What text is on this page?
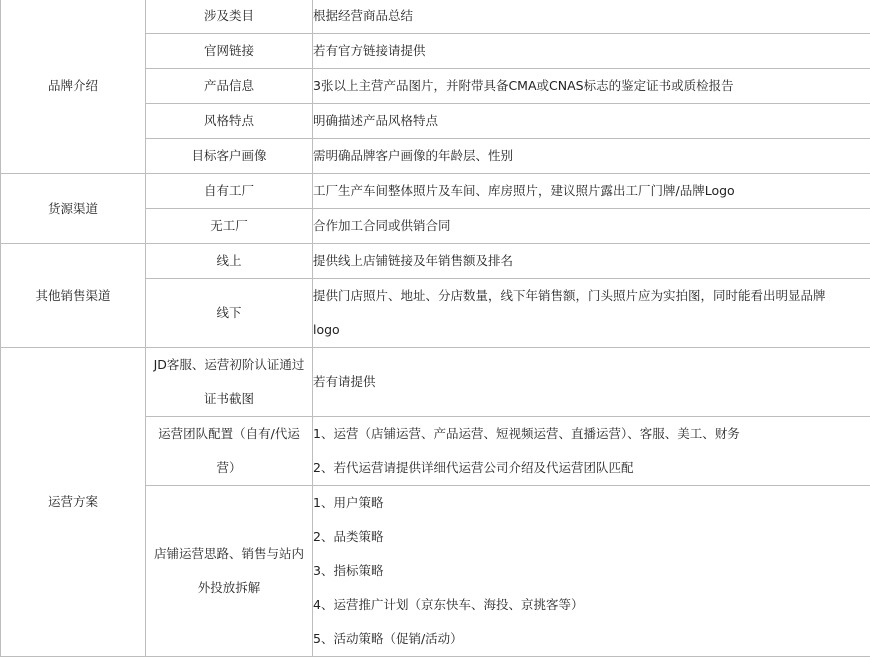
品牌介绍	涉及类目	根据经营商品总结

	官网链接	若有官方链接请提供

	产品信息	3张以上主营产品图片，并附带具备CMA或CNAS标志的鉴定证书或质检报告

	风格特点	明确描述产品风格特点

	目标客户画像	需明确品牌客户画像的年龄层、性别

货源渠道	自有工厂	工厂生产车间整体照片及车间、库房照片，建议照片露出工厂门牌/品牌Logo

	无工厂	合作加工合同或供销合同

其他销售渠道	线上	提供线上店铺链接及年销售额及排名

	线下	提供门店照片、地址、分店数量，线下年销售额，门头照片应为实拍图，同时能看出明显品牌
logo

运营方案	JD客服、运营初阶认证通过
证书截图	若有请提供

	运营团队配置（自有/代运
营）	1、运营（店铺运营、产品运营、短视频运营、直播运营）、客服、美工、财务
2、若代运营请提供详细代运营公司介绍及代运营团队匹配

	店铺运营思路、销售与站内
外投放拆解	1、用户策略
2、品类策略
3、指标策略
4、运营推广计划（京东快车、海投、京挑客等）
5、活动策略（促销/活动）
